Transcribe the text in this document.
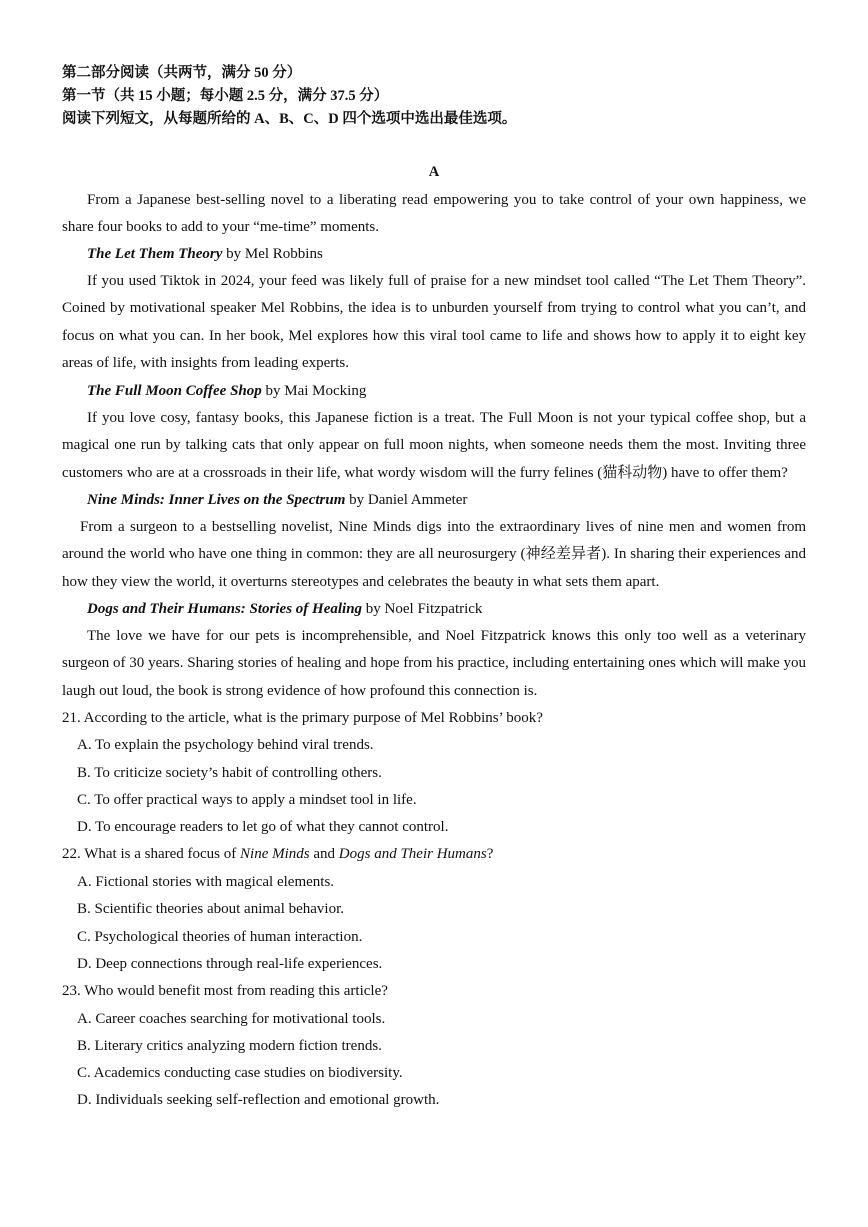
第二部分阅读（共两节，满分 50 分）
第一节（共 15 小题；每小题 2.5 分，满分 37.5 分）
阅读下列短文，从每题所给的 A、B、C、D 四个选项中选出最佳选项。
A

From a Japanese best-selling novel to a liberating read empowering you to take control of your own happiness, we share four books to add to your “me-time” moments.

The Let Them Theory by Mel Robbins

If you used Tiktok in 2024, your feed was likely full of praise for a new mindset tool called “The Let Them Theory”. Coined by motivational speaker Mel Robbins, the idea is to unburden yourself from trying to control what you can’t, and focus on what you can. In her book, Mel explores how this viral tool came to life and shows how to apply it to eight key areas of life, with insights from leading experts.

The Full Moon Coffee Shop by Mai Mocking

If you love cosy, fantasy books, this Japanese fiction is a treat. The Full Moon is not your typical coffee shop, but a magical one run by talking cats that only appear on full moon nights, when someone needs them the most. Inviting three customers who are at a crossroads in their life, what wordy wisdom will the furry felines (猫科动物) have to offer them?

Nine Minds: Inner Lives on the Spectrum by Daniel Ammeter

From a surgeon to a bestselling novelist, Nine Minds digs into the extraordinary lives of nine men and women from around the world who have one thing in common: they are all neurosurgery (神经差异者). In sharing their experiences and how they view the world, it overturns stereotypes and celebrates the beauty in what sets them apart.

Dogs and Their Humans: Stories of Healing by Noel Fitzpatrick

The love we have for our pets is incomprehensible, and Noel Fitzpatrick knows this only too well as a veterinary surgeon of 30 years. Sharing stories of healing and hope from his practice, including entertaining ones which will make you laugh out loud, the book is strong evidence of how profound this connection is.

21. According to the article, what is the primary purpose of Mel Robbins’ book?
A. To explain the psychology behind viral trends.
B. To criticize society’s habit of controlling others.
C. To offer practical ways to apply a mindset tool in life.
D. To encourage readers to let go of what they cannot control.
22. What is a shared focus of Nine Minds and Dogs and Their Humans?
A. Fictional stories with magical elements.
B. Scientific theories about animal behavior.
C. Psychological theories of human interaction.
D. Deep connections through real-life experiences.
23. Who would benefit most from reading this article?
A. Career coaches searching for motivational tools.
B. Literary critics analyzing modern fiction trends.
C. Academics conducting case studies on biodiversity.
D. Individuals seeking self-reflection and emotional growth.
